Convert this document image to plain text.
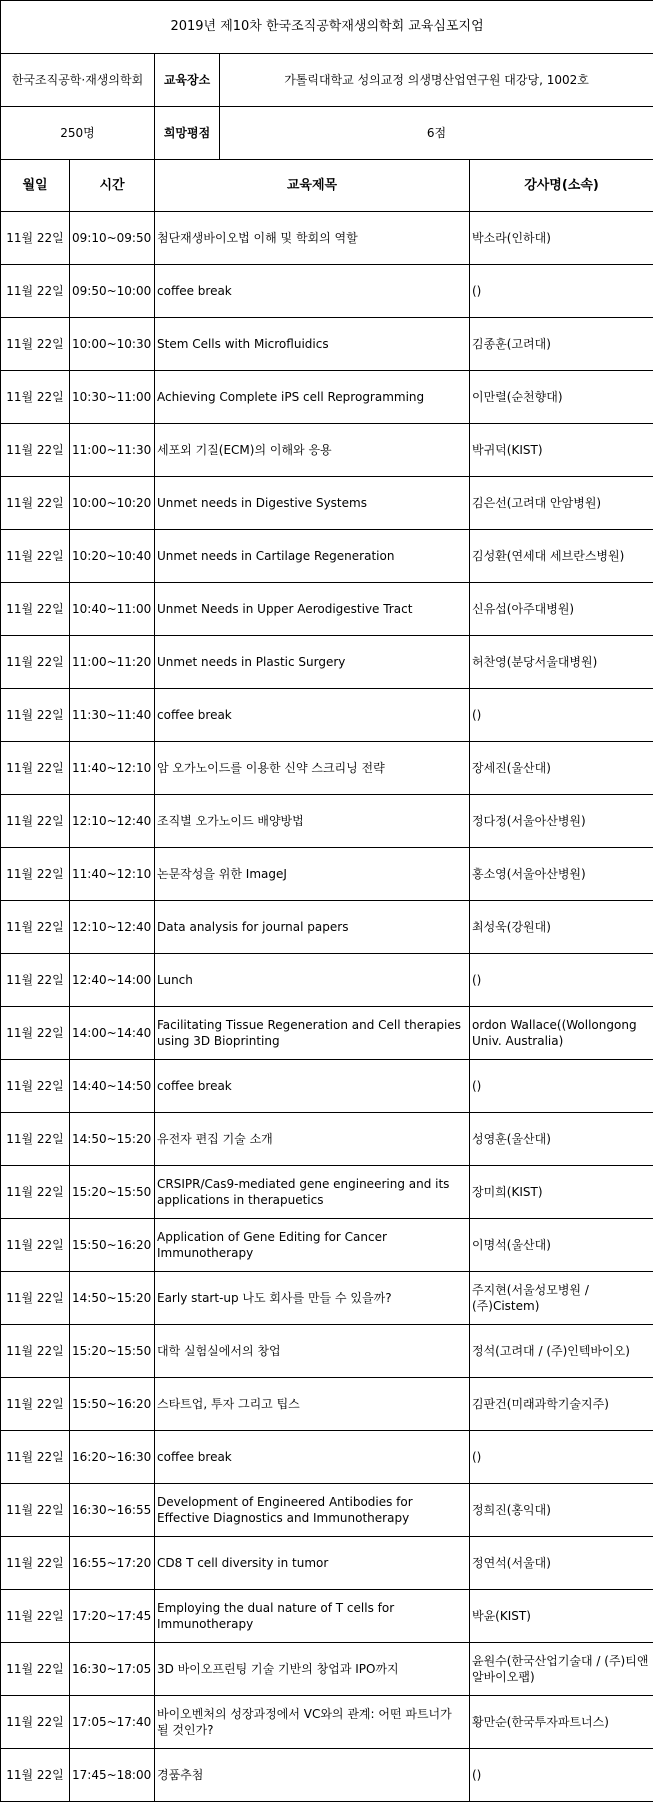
2019년 제10차 한국조직공학재생의학회 교육심포지엄				
한국조직공학·재생의학회		교육장소	가톨릭대학교 성의교정 의생명산업연구원 대강당, 1002호	
250명		희망평점	6점	
월일	시간	교육제목		강사명(소속)
11월 22일	09:10~09:50	첨단재생바이오법 이해 및 학회의 역할		박소라(인하대)
11월 22일	09:50~10:00	coffee break		()
11월 22일	10:00~10:30	Stem Cells with Microfluidics		김종훈(고려대)
11월 22일	10:30~11:00	Achieving Complete iPS cell Reprogramming		이만렬(순천향대)
11월 22일	11:00~11:30	세포외 기질(ECM)의 이해와 응용		박귀덕(KIST)
11월 22일	10:00~10:20	Unmet needs in Digestive Systems		김은선(고려대 안암병원)
11월 22일	10:20~10:40	Unmet needs in Cartilage Regeneration		김성환(연세대 세브란스병원)
11월 22일	10:40~11:00	Unmet Needs in Upper Aerodigestive Tract		신유섭(아주대병원)
11월 22일	11:00~11:20	Unmet needs in Plastic Surgery		허찬영(분당서울대병원)
11월 22일	11:30~11:40	coffee break		()
11월 22일	11:40~12:10	암 오가노이드를 이용한 신약 스크리닝 전략		장세진(울산대)
11월 22일	12:10~12:40	조직별 오가노이드 배양방법		정다정(서울아산병원)
11월 22일	11:40~12:10	논문작성을 위한 ImageJ		홍소영(서울아산병원)
11월 22일	12:10~12:40	Data analysis for journal papers		최성욱(강원대)
11월 22일	12:40~14:00	Lunch		()
11월 22일	14:00~14:40	Facilitating Tissue Regeneration and Cell therapies using 3D Bioprinting		ordon Wallace((Wollongong Univ. Australia)
11월 22일	14:40~14:50	coffee break		()
11월 22일	14:50~15:20	유전자 편집 기술 소개		성영훈(울산대)
11월 22일	15:20~15:50	CRSIPR/Cas9-mediated gene engineering and its applications in therapuetics		장미희(KIST)
11월 22일	15:50~16:20	Application of Gene Editing for Cancer Immunotherapy		이명석(울산대)
11월 22일	14:50~15:20	Early start-up 나도 회사를 만들 수 있을까?		주지현(서울성모병원 / (주)Cistem)
11월 22일	15:20~15:50	대학 실험실에서의 창업		정석(고려대 / (주)인텍바이오)
11월 22일	15:50~16:20	스타트업, 투자 그리고 팁스		김판건(미래과학기술지주)
11월 22일	16:20~16:30	coffee break		()
11월 22일	16:30~16:55	Development of Engineered Antibodies for Effective Diagnostics and Immunotherapy		정희진(홍익대)
11월 22일	16:55~17:20	CD8 T cell diversity in tumor		정연석(서울대)
11월 22일	17:20~17:45	Employing the dual nature of T cells for Immunotherapy		박윤(KIST)
11월 22일	16:30~17:05	3D 바이오프린팅 기술 기반의 창업과 IPO까지		윤원수(한국산업기술대 / (주)티앤알바이오팹)
11월 22일	17:05~17:40	바이오벤처의 성장과정에서 VC와의 관계: 어떤 파트너가 될 것인가?		황만순(한국투자파트너스)
11월 22일	17:45~18:00	경품추첨		()
